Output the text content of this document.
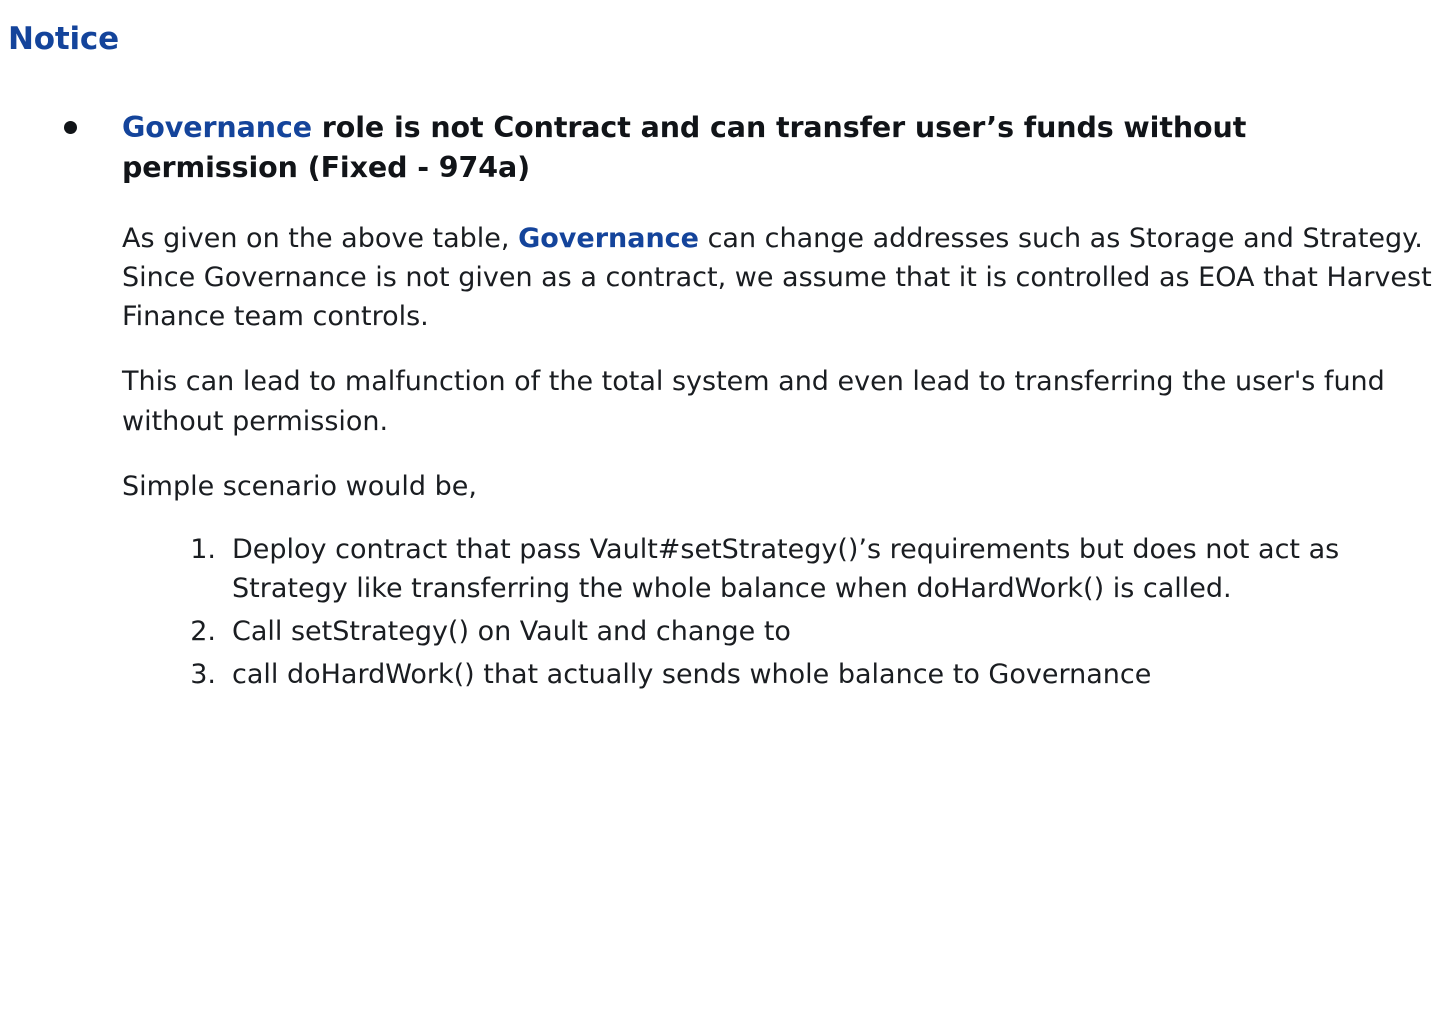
Notice
Governance role is not Contract and can transfer user’s funds without permission (Fixed - 974a)

As given on the above table, Governance can change addresses such as Storage and Strategy. Since Governance is not given as a contract, we assume that it is controlled as EOA that Harvest Finance team controls.

This can lead to malfunction of the total system and even lead to transferring the user's fund without permission.

Simple scenario would be,

1. Deploy contract that pass Vault#setStrategy()’s requirements but does not act as Strategy like transferring the whole balance when doHardWork() is called.
2. Call setStrategy() on Vault and change to
3. call doHardWork() that actually sends whole balance to Governance
